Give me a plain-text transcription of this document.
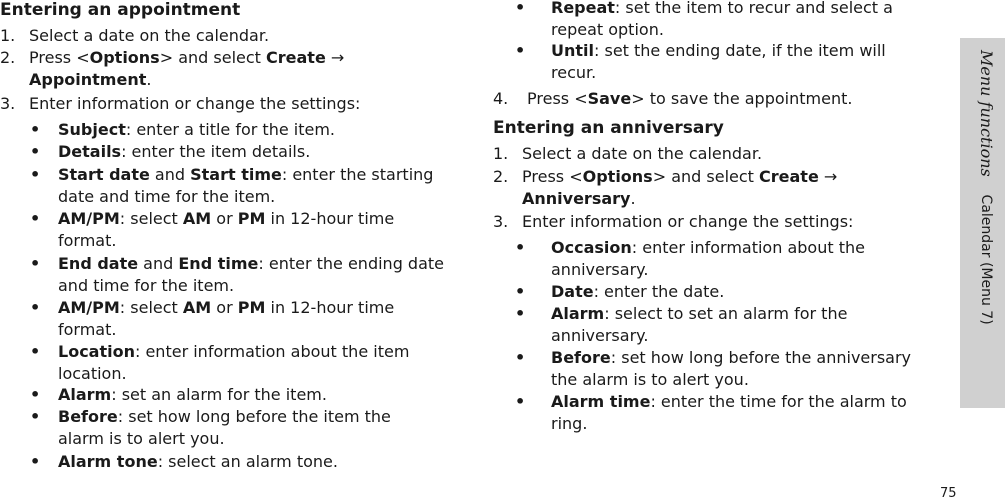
Entering an appointment
1. Select a date on the calendar.
2. Press <Options> and select Create →
Appointment.
3. Enter information or change the settings:
• Subject: enter a title for the item.
• Details: enter the item details.
• Start date and Start time: enter the starting
date and time for the item.
• AM/PM: select AM or PM in 12-hour time
format.
• End date and End time: enter the ending date
and time for the item.
• AM/PM: select AM or PM in 12-hour time
format.
• Location: enter information about the item
location.
• Alarm: set an alarm for the item.
• Before: set how long before the item the
alarm is to alert you.
• Alarm tone: select an alarm tone.
• Repeat: set the item to recur and select a
repeat option.
• Until: set the ending date, if the item will
recur.
4. Press <Save> to save the appointment.
Entering an anniversary
1. Select a date on the calendar.
2. Press <Options> and select Create →
Anniversary.
3. Enter information or change the settings:
• Occasion: enter information about the
anniversary.
• Date: enter the date.
• Alarm: select to set an alarm for the
anniversary.
• Before: set how long before the anniversary
the alarm is to alert you.
• Alarm time: enter the time for the alarm to
ring.
Menu functions    Calendar (Menu 7)
75
